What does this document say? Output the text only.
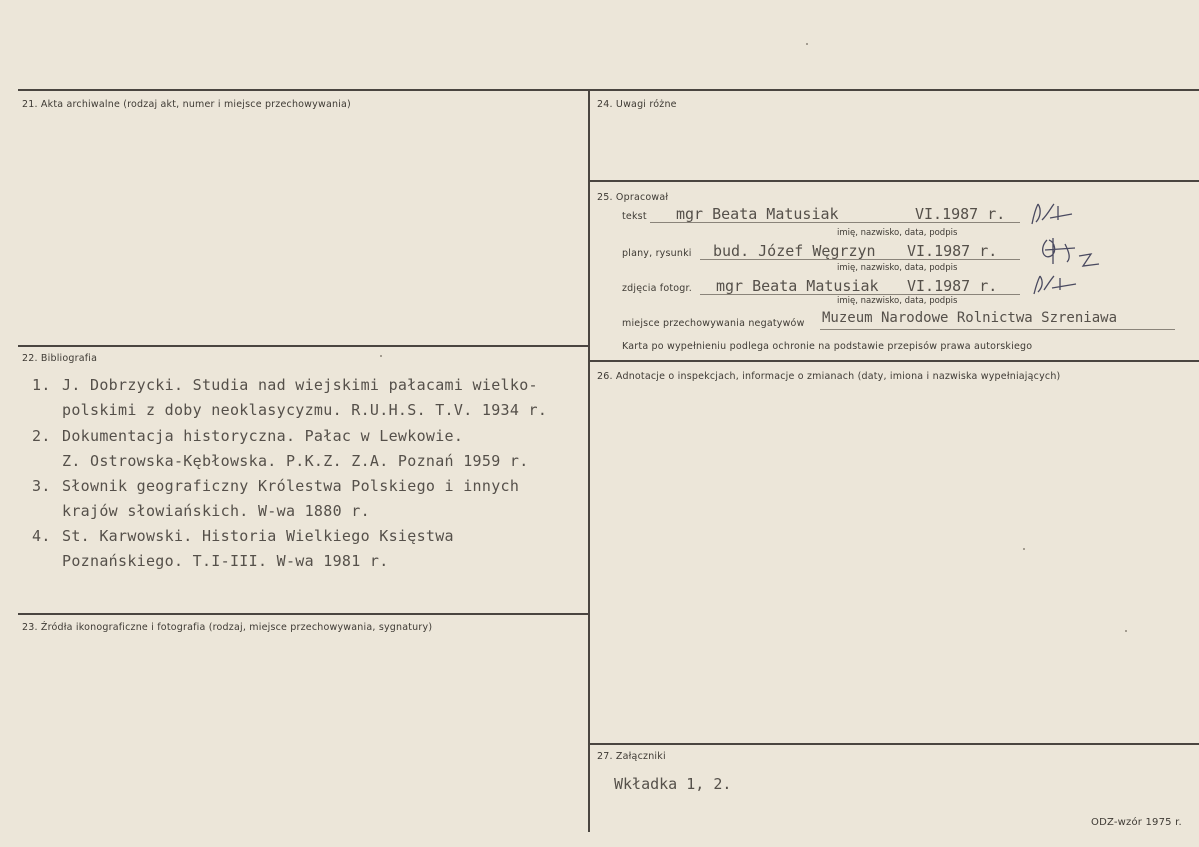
21. Akta archiwalne (rodzaj akt, numer i miejsce przechowywania)
22. Bibliografia
1. J. Dobrzycki. Studia nad wiejskimi pałacami wielko-
polskimi z doby neoklasycyzmu. R.U.H.S. T.V. 1934 r.
2. Dokumentacja historyczna. Pałac w Lewkowie.
Z. Ostrowska-Kębłowska. P.K.Z. Z.A. Poznań 1959 r.
3. Słownik geograficzny Królestwa Polskiego i innych
krajów słowiańskich. W-wa 1880 r.
4. St. Karwowski. Historia Wielkiego Księstwa
Poznańskiego. T.I-III. W-wa 1981 r.
23. Źródła ikonograficzne i fotografia (rodzaj, miejsce przechowywania, sygnatury)
24. Uwagi różne
25. Opracował
tekst mgr Beata Matusiak	VI.1987 r.
imię, nazwisko, data, podpis
plany, rysunki bud. Józef Węgrzyn VI.1987 r.
imię, nazwisko, data, podpis
zdjęcia fotogr. mgr Beata Matusiak VI.1987 r.
imię, nazwisko, data, podpis
miejsce przechowywania negatywów Muzeum Narodowe Rolnictwa Szreniawa
Karta po wypełnieniu podlega ochronie na podstawie przepisów prawa autorskiego
26. Adnotacje o inspekcjach, informacje o zmianach (daty, imiona i nazwiska wypełniających)
27. Załączniki
Wkładka 1, 2.
ODZ-wzór 1975 r.
